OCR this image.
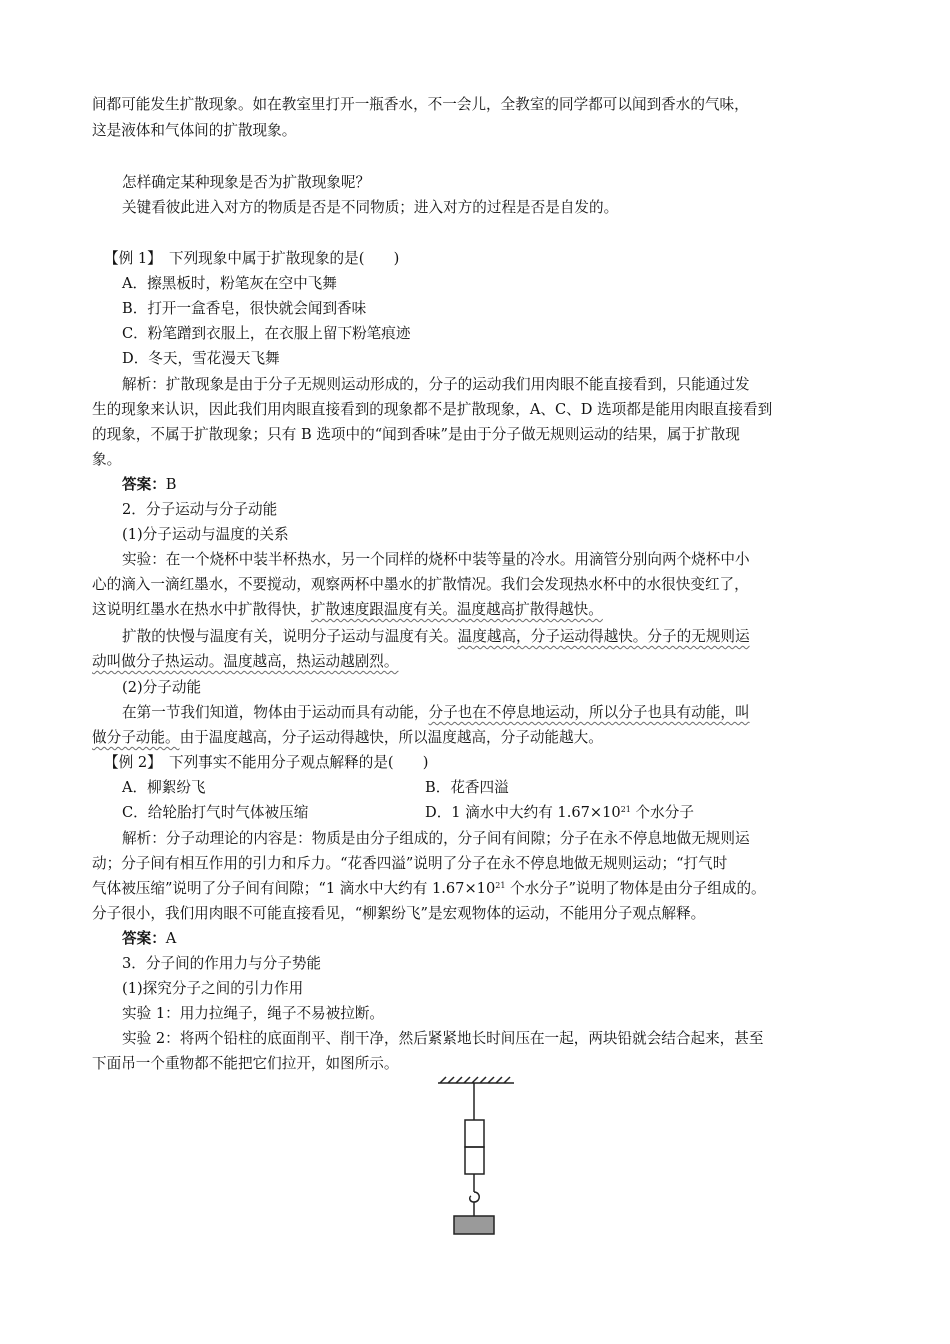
间都可能发生扩散现象。如在教室里打开一瓶香水，不一会儿，全教室的同学都可以闻到香水的气味，
这是液体和气体间的扩散现象。
怎样确定某种现象是否为扩散现象呢？
关键看彼此进入对方的物质是否是不同物质；进入对方的过程是否是自发的。
【例 1】　下列现象中属于扩散现象的是(　　)
A．擦黑板时，粉笔灰在空中飞舞
B．打开一盒香皂，很快就会闻到香味
C．粉笔蹭到衣服上，在衣服上留下粉笔痕迹
D．冬天，雪花漫天飞舞
解析：扩散现象是由于分子无规则运动形成的，分子的运动我们用肉眼不能直接看到，只能通过发
生的现象来认识，因此我们用肉眼直接看到的现象都不是扩散现象，A、C、D 选项都是能用肉眼直接看到
的现象，不属于扩散现象；只有 B 选项中的“闻到香味”是由于分子做无规则运动的结果，属于扩散现
象。
答案：B
2．分子运动与分子动能
(1)分子运动与温度的关系
实验：在一个烧杯中装半杯热水，另一个同样的烧杯中装等量的冷水。用滴管分别向两个烧杯中小
心的滴入一滴红墨水，不要搅动，观察两杯中墨水的扩散情况。我们会发现热水杯中的水很快变红了，
这说明红墨水在热水中扩散得快，扩散速度跟温度有关。温度越高扩散得越快。
扩散的快慢与温度有关，说明分子运动与温度有关。温度越高，分子运动得越快。分子的无规则运
动叫做分子热运动。温度越高，热运动越剧烈。
(2)分子动能
在第一节我们知道，物体由于运动而具有动能，分子也在不停息地运动，所以分子也具有动能，叫
做分子动能。由于温度越高，分子运动得越快，所以温度越高，分子动能越大。
【例 2】　下列事实不能用分子观点解释的是(　　)
A．柳絮纷飞	B．花香四溢
C．给轮胎打气时气体被压缩	D．1 滴水中大约有 $1.67\times 10^{21}$ 个水分子
解析：分子动理论的内容是：物质是由分子组成的，分子间有间隙；分子在永不停息地做无规则运
动；分子间有相互作用的引力和斥力。“花香四溢”说明了分子在永不停息地做无规则运动；“打气时
气体被压缩”说明了分子间有间隙；“1 滴水中大约有 $1.67\times 10^{21}$ 个水分子”说明了物体是由分子组成的。
分子很小，我们用肉眼不可能直接看见，“柳絮纷飞”是宏观物体的运动，不能用分子观点解释。
答案：A
3．分子间的作用力与分子势能
(1)探究分子之间的引力作用
实验 1：用力拉绳子，绳子不易被拉断。
实验 2：将两个铅柱的底面削平、削干净，然后紧紧地长时间压在一起，两块铅就会结合起来，甚至
下面吊一个重物都不能把它们拉开，如图所示。
